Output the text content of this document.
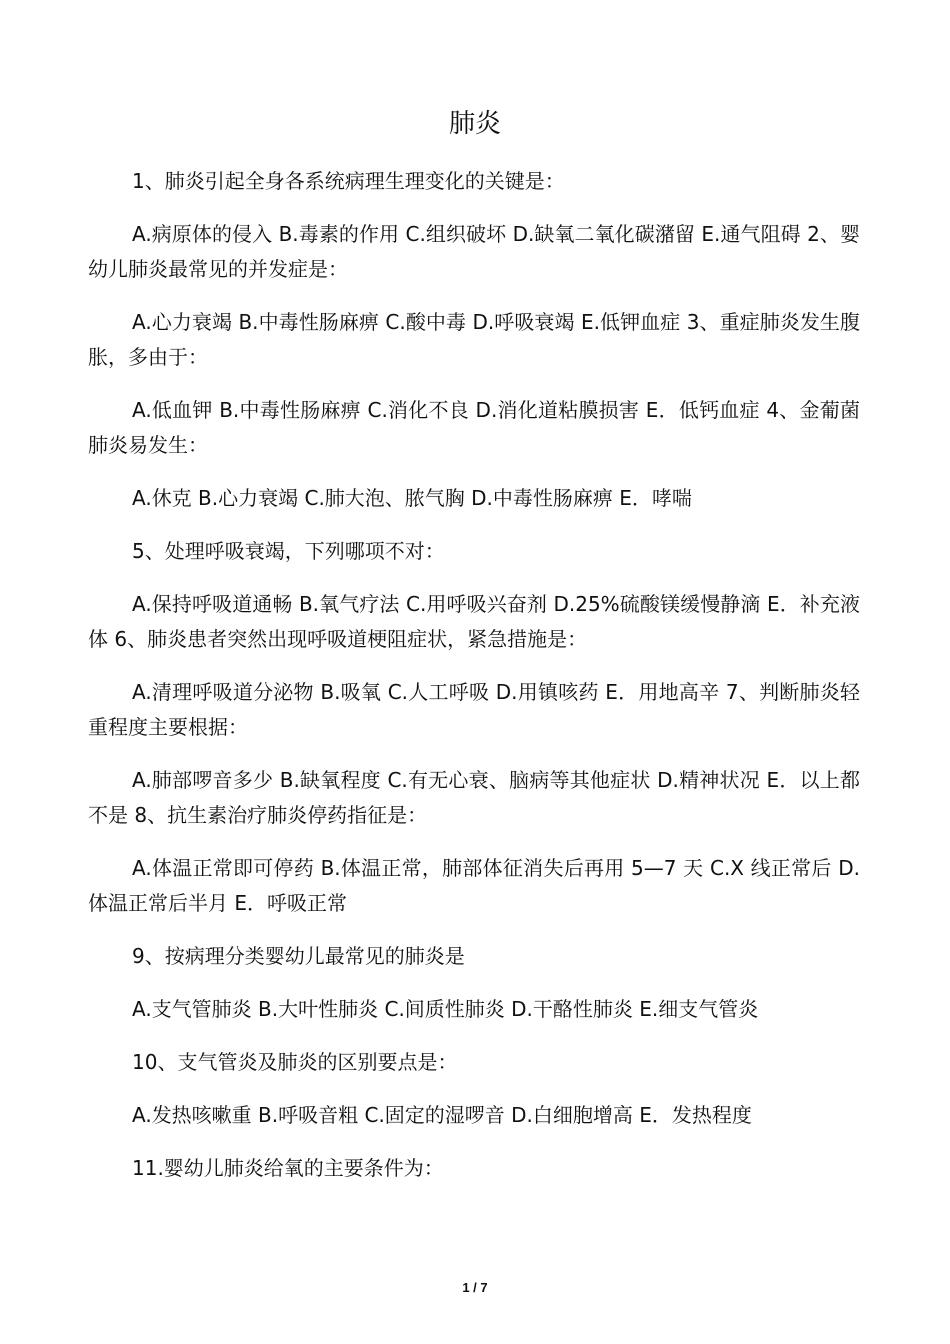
肺炎

1、肺炎引起全身各系统病理生理变化的关键是：

A.病原体的侵入 B.毒素的作用 C.组织破坏 D.缺氧二氧化碳潴留 E.通气阻碍 2、婴幼儿肺炎最常见的并发症是：

A.心力衰竭 B.中毒性肠麻痹 C.酸中毒 D.呼吸衰竭 E.低钾血症 3、重症肺炎发生腹胀，多由于：

A.低血钾 B.中毒性肠麻痹 C.消化不良 D.消化道粘膜损害 E．低钙血症 4、金葡菌肺炎易发生：

A.休克 B.心力衰竭 C.肺大泡、脓气胸 D.中毒性肠麻痹 E．哮喘

5、处理呼吸衰竭，下列哪项不对：

A.保持呼吸道通畅 B.氧气疗法 C.用呼吸兴奋剂 D.25%硫酸镁缓慢静滴 E．补充液体 6、肺炎患者突然出现呼吸道梗阻症状，紧急措施是：

A.清理呼吸道分泌物 B.吸氧 C.人工呼吸 D.用镇咳药 E．用地高辛 7、判断肺炎轻重程度主要根据：

A.肺部啰音多少 B.缺氧程度 C.有无心衰、脑病等其他症状 D.精神状况 E．以上都不是 8、抗生素治疗肺炎停药指征是：

A.体温正常即可停药 B.体温正常，肺部体征消失后再用 5—7 天 C.X 线正常后 D.体温正常后半月 E．呼吸正常

9、按病理分类婴幼儿最常见的肺炎是

A.支气管肺炎 B.大叶性肺炎 C.间质性肺炎 D.干酪性肺炎 E.细支气管炎

10、支气管炎及肺炎的区别要点是：

A.发热咳嗽重 B.呼吸音粗 C.固定的湿啰音 D.白细胞增高 E．发热程度

11.婴幼儿肺炎给氧的主要条件为：

1 / 7
